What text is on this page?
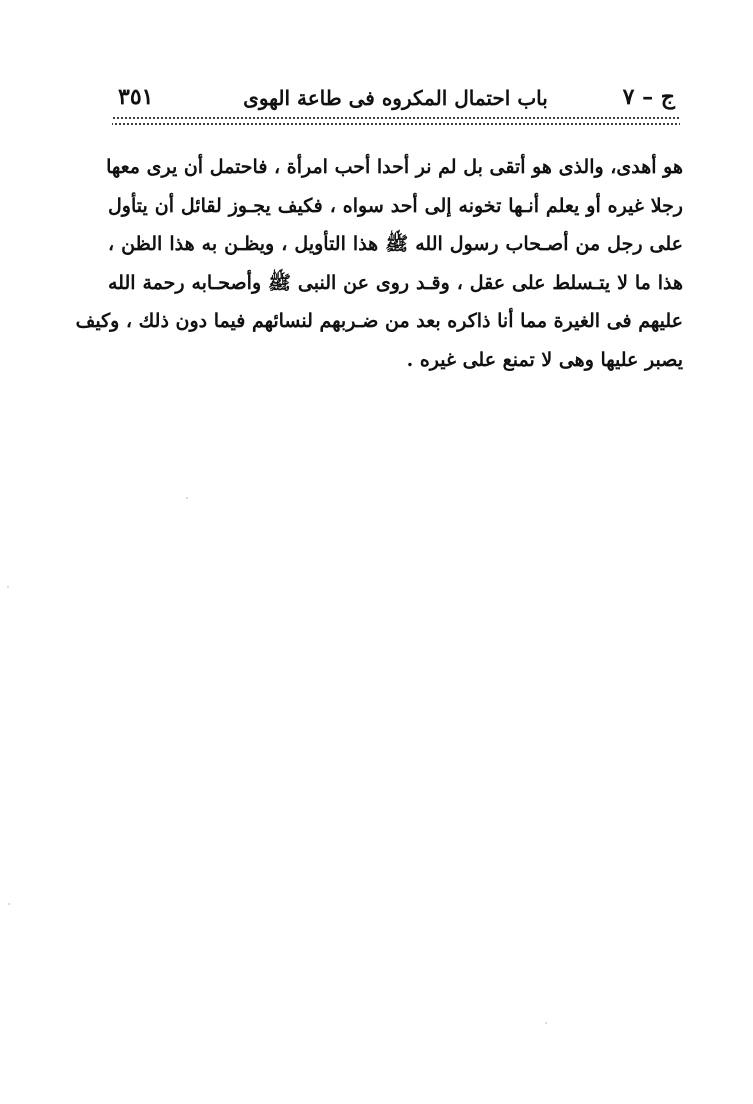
ج – ٧
باب احتمال المكروه فى طاعة الهوى
٣٥١
هو أهدى، والذى هو أتقى بل لم نر أحدا أحب امرأة ، فاحتمل أن يرى معها
رجلا غيره أو يعلم أنـها تخونه إلى أحد سواه ، فكيف يجـوز لقائل أن يتأول
على رجل من أصـحاب رسول الله ﷺ هذا التأويل ، ويظـن به هذا الظن ،
هذا ما لا يتـسلط على عقل ، وقـد روى عن النبى ﷺ وأصحـابه رحمة الله
عليهم فى الغيرة مما أنا ذاكره بعد من ضـربهم لنسائهم فيما دون ذلك ، وكيف
يصبر عليها وهى لا تمنع على غيره .
